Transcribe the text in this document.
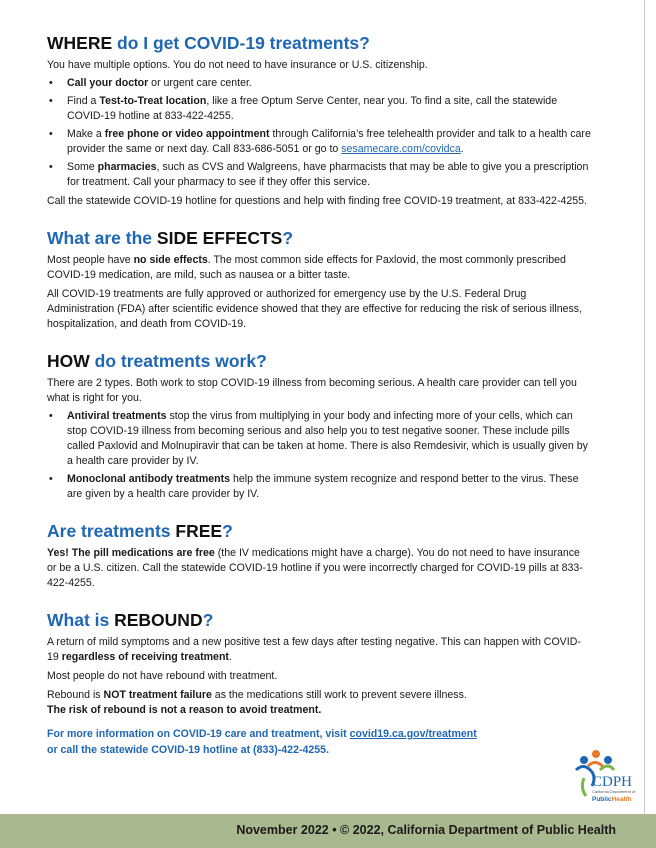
WHERE do I get COVID-19 treatments?

You have multiple options. You do not need to have insurance or U.S. citizenship.

• Call your doctor or urgent care center.
• Find a Test-to-Treat location, like a free Optum Serve Center, near you. To find a site, call the statewide COVID-19 hotline at 833-422-4255.
• Make a free phone or video appointment through California’s free telehealth provider and talk to a health care provider the same or next day. Call 833-686-5051 or go to sesamecare.com/covidca.
• Some pharmacies, such as CVS and Walgreens, have pharmacists that may be able to give you a prescription for treatment. Call your pharmacy to see if they offer this service.

Call the statewide COVID-19 hotline for questions and help with finding free COVID-19 treatment, at 833-422-4255.

What are the SIDE EFFECTS?

Most people have no side effects. The most common side effects for Paxlovid, the most commonly prescribed COVID-19 medication, are mild, such as nausea or a bitter taste.

All COVID-19 treatments are fully approved or authorized for emergency use by the U.S. Federal Drug Administration (FDA) after scientific evidence showed that they are effective for reducing the risk of serious illness, hospitalization, and death from COVID-19.

HOW do treatments work?

There are 2 types. Both work to stop COVID-19 illness from becoming serious. A health care provider can tell you what is right for you.

• Antiviral treatments stop the virus from multiplying in your body and infecting more of your cells, which can stop COVID-19 illness from becoming serious and also help you to test negative sooner. These include pills called Paxlovid and Molnupiravir that can be taken at home. There is also Remdesivir, which is usually given by a health care provider by IV.
• Monoclonal antibody treatments help the immune system recognize and respond better to the virus. These are given by a health care provider by IV.
Are treatments FREE?

Yes! The pill medications are free (the IV medications might have a charge). You do not need to have insurance or be a U.S. citizen. Call the statewide COVID-19 hotline if you were incorrectly charged for COVID-19 pills at 833-422-4255.

What is REBOUND?

A return of mild symptoms and a new positive test a few days after testing negative. This can happen with COVID-19 regardless of receiving treatment.

Most people do not have rebound with treatment.

Rebound is NOT treatment failure as the medications still work to prevent severe illness.
The risk of rebound is not a reason to avoid treatment.

For more information on COVID-19 care and treatment, visit covid19.ca.gov/treatment
or call the statewide COVID-19 hotline at (833)-422-4255.
CDPH
California Department of
PublicHealth
November 2022 • © 2022, California Department of Public Health
